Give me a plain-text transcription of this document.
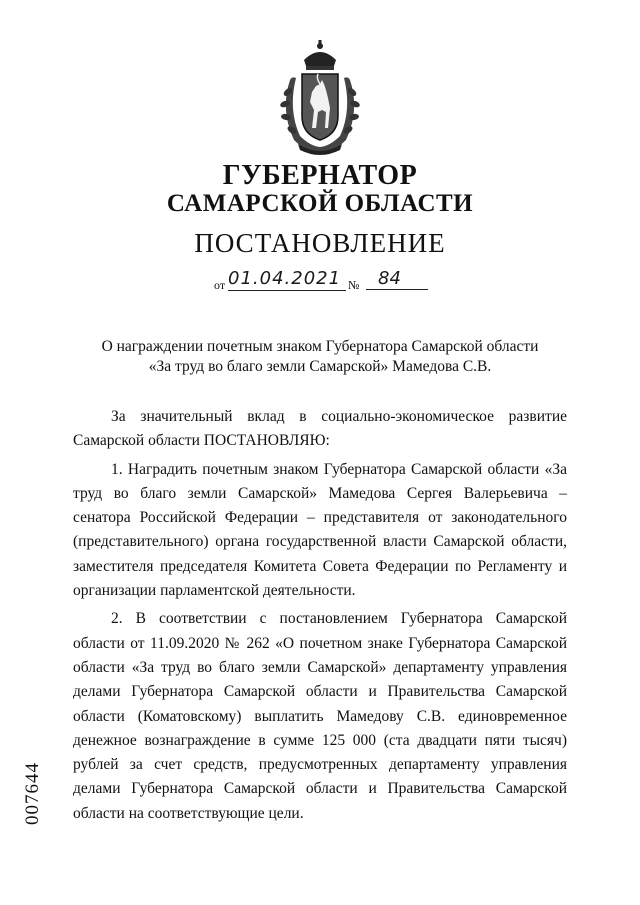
ГУБЕРНАТОР
САМАРСКОЙ ОБЛАСТИ
ПОСТАНОВЛЕНИЕ
от 01.04.2021 №	84
О награждении почетным знаком Губернатора Самарской области
«За труд во благо земли Самарской» Мамедова С.В.

За значительный вклад в социально-экономическое развитие Самарской области ПОСТАНОВЛЯЮ:

1. Наградить почетным знаком Губернатора Самарской области «За труд во благо земли Самарской» Мамедова Сергея Валерьевича – сенатора Российской Федерации – представителя от законодательного (представительного) органа государственной власти Самарской области, заместителя председателя Комитета Совета Федерации по Регламенту и организации парламентской деятельности.

2. В соответствии с постановлением Губернатора Самарской области от 11.09.2020 № 262 «О почетном знаке Губернатора Самарской области «За труд во благо земли Самарской» департаменту управления делами Губернатора Самарской области и Правительства Самарской области (Коматовскому) выплатить Мамедову С.В. единовременное денежное вознаграждение в сумме 125 000 (ста двадцати пяти тысяч) рублей за счет средств, предусмотренных департаменту управления делами Губернатора Самарской области и Правительства Самарской области на соответствующие цели.

007644
